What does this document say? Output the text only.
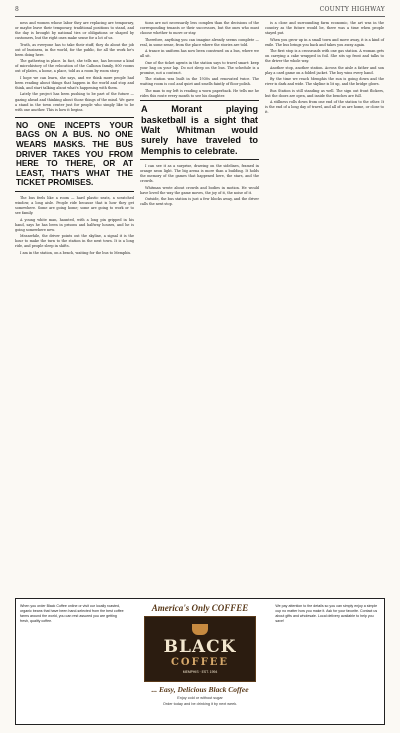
8	COUNTY HIGHWAY

ness and women whose labor they are replacing are temporary, or maybe leave their temporary, traditional positions to stand, and the day is brought by national ties or obligations or shaped by customers, but the right ones make sense for a lot of us.

Truth, as everyone has to take their stuff, they do about the job out of business, in the world, for the public, for all the work he's been doing here.

The gathering in place. In fact, she tells me, has become a kind of microhistory of the relocation of the Calhoun family, 800 rooms out of plates, a home, a place, told as a room by room story.

I hope we can learn, she says, and we think more people had been reading about things that happen in the world and stop and think, and start talking about what's happening with them.

Lately the project has been pushing to be part of the future — gazing ahead and thinking about those things of the mind. We gave a stand in the town center just for people who simply like to be with one another. This is how it begins.

NO ONE INCEPTS YOUR BAGS ON A BUS. NO ONE WEARS MASKS. THE BUS DRIVER TAKES YOU FROM HERE TO THERE, OR AT LEAST, THAT'S WHAT THE TICKET PROMISES.

The bus feels like a room — hard plastic seats, a scratched window, a long aisle. People ride because that is how they get somewhere. Some are going home; some are going to work or to see family.

A young white man, haunted, with a long pin gripped in his hand, says he has been in prisons and halfway houses, and he is going somewhere new.

Meanwhile, the driver points out the skyline, a signal it is the hour to make the turn to the station in the next town. It is a long ride, and people sleep in shifts.

I am in the station, on a bench, waiting for the bus to Memphis.

tions are not necessarily less complex than the decisions of the corresponding tenants or their successors, but the ones who must choose whether to move or stay.

Therefore, anything you can imagine already seems complete — real, in some sense, from the place where the stories are told.

A trance in uniform has now been construed on a bus, where we all sit.

One of the ticket agents in the station says to travel smart: keep your bag on your lap. Do not sleep on the bus. The schedule is a promise, not a contract.

The station was built in the 1930s and renovated twice. The waiting room is cool and quiet and smells faintly of floor polish.

The man to my left is reading a worn paperback. He tells me he rides this route every month to see his daughter.

A Morant playing basketball is a sight that Walt Whitman would surely have traveled to Memphis to celebrate.

I can see it as a surprise, drawing on the sidelines, framed in orange neon light. The big arena is more than a building. It holds the memory of the games that happened here, the stars, and the crowds.

Whitman wrote about crowds and bodies in motion. He would have loved the way the game moves, the joy of it, the noise of it.

Outside, the bus station is just a few blocks away, and the driver calls the next stop.

is a close and surrounding farm economic, the art was in the country as the future would be, there was a time when people stayed put.

When you grow up in a small town and move away, it is a kind of exile. The bus brings you back and takes you away again.

The first stop is a crossroads with one gas station. A woman gets on carrying a cake wrapped in foil. She sits up front and talks to the driver the whole way.

Another stop, another station. Across the aisle a father and son play a card game on a folded jacket. The boy wins every hand.

By the time we reach Memphis the sun is going down and the river is dark and wide. The skyline is lit up, and the bridge glows.

Bus Station is still standing as well. The sign out front flickers, but the doors are open, and inside the benches are full.

A stillness rolls down from one end of the station to the other. It is the end of a long day of travel, and all of us are home, or close to it.

When you order Black Coffee online or visit our locally roasted, organic beans that have been hand-selected from the best coffee farms around the world, you can rest assured you are getting fresh, quality coffee.
America's Only COFFEE
BLACK
COFFEE
MEMPHIS · EST. 1994
... Easy, Delicious Black Coffee
Enjoy cold or without sugar
Order today and be drinking it by next week.
We pay attention to the details so you can simply enjoy a simple cup no matter how you make it. Ask for your favorite. Contact us about gifts and wholesale. Local delivery available to help you save!
